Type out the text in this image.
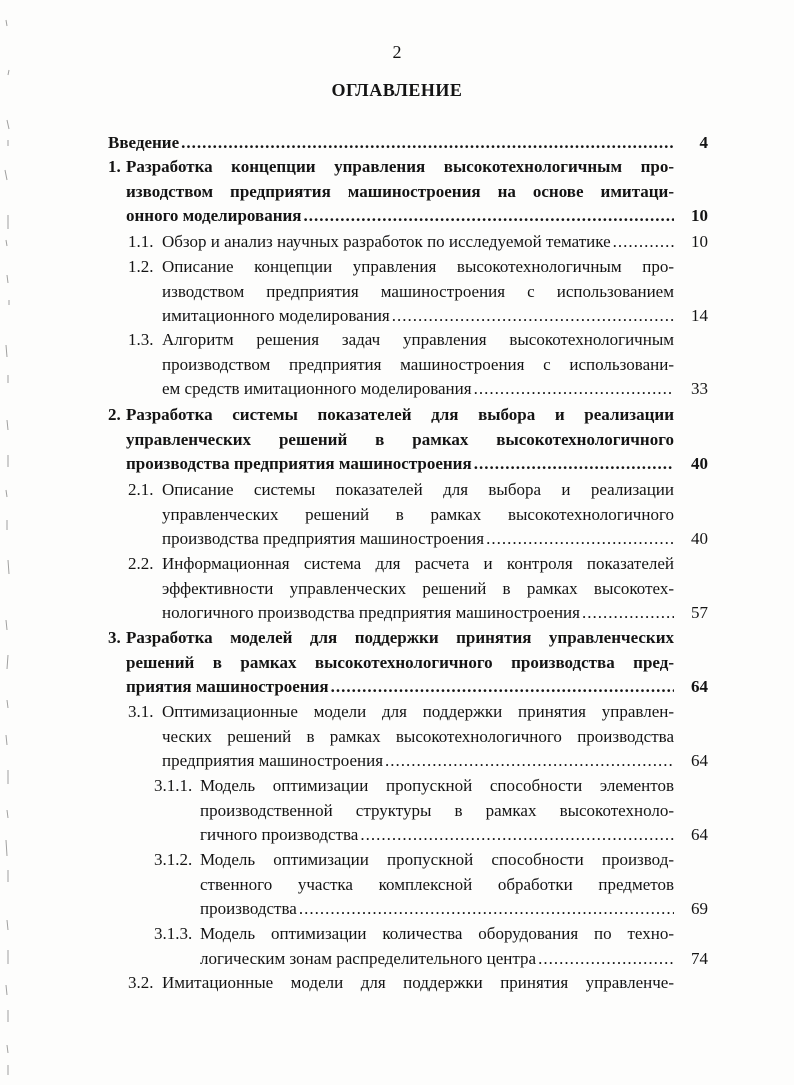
2
ОГЛАВЛЕНИЕ
Введение .....	4
1. Разработка концепции управления высокотехнологичным про-
изводством предприятия машиностроения на основе имитаци-
онного моделирования .....	10
1.1. Обзор и анализ научных разработок по исследуемой тематике .....	10
1.2. Описание концепции управления высокотехнологичным про-
изводством предприятия машиностроения с использованием
имитационного моделирования .....	14
1.3. Алгоритм решения задач управления высокотехнологичным
производством предприятия машиностроения с использовани-
ем средств имитационного моделирования .....	33
2. Разработка системы показателей для выбора и реализации
управленческих решений в рамках высокотехнологичного
производства предприятия машиностроения .....	40
2.1. Описание системы показателей для выбора и реализации
управленческих решений в рамках высокотехнологичного
производства предприятия машиностроения .....	40
2.2. Информационная система для расчета и контроля показателей
эффективности управленческих решений в рамках высокотех-
нологичного производства предприятия машиностроения .....	57
3. Разработка моделей для поддержки принятия управленческих
решений в рамках высокотехнологичного производства пред-
приятия машиностроения .....	64
3.1. Оптимизационные модели для поддержки принятия управлен-
ческих решений в рамках высокотехнологичного производства
предприятия машиностроения .....	64
3.1.1. Модель оптимизации пропускной способности элементов
производственной структуры в рамках высокотехноло-
гичного производства .....	64
3.1.2. Модель оптимизации пропускной способности производ-
ственного участка комплексной обработки предметов
производства .....	69
3.1.3. Модель оптимизации количества оборудования по техно-
логическим зонам распределительного центра .....	74
3.2. Имитационные модели для поддержки принятия управленче-
